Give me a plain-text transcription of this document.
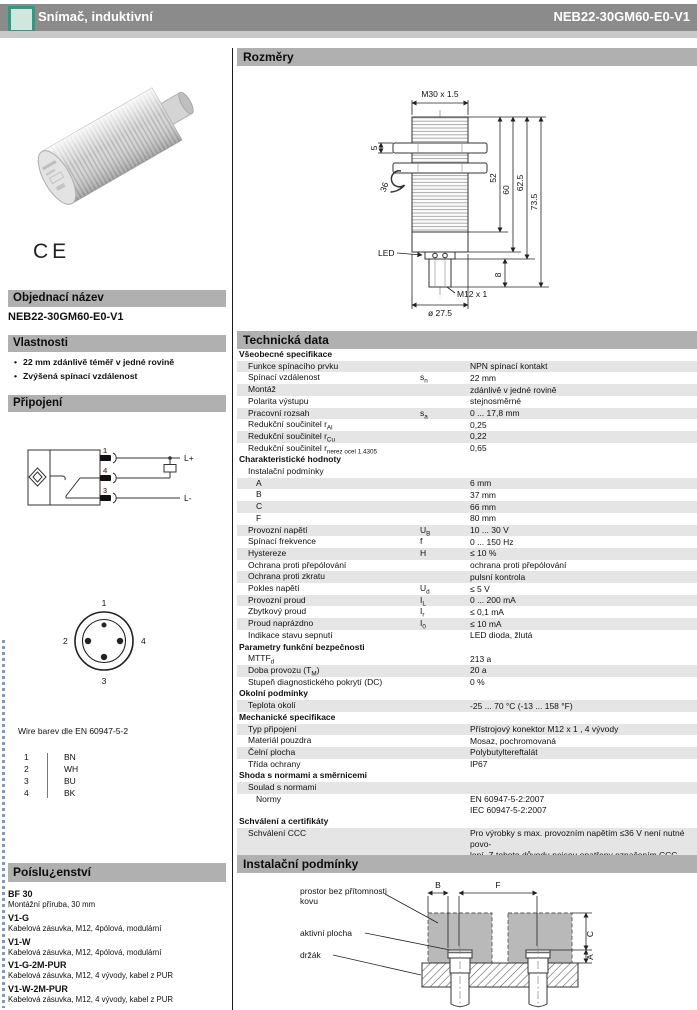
Snímač, induktivní	NEB22-30GM60-E0-V1
CE
Objednací název
NEB22-30GM60-E0-V1
Vlastnosti
• 22 mm zdánlivě téměř v jedné rovině
• Zvýšená spínací vzdálenost
Připojení
1
4
3
L+
L-
1
2	4
3
Wire barev dle EN 60947-5-2
1	BN
2	WH
3	BU
4	BK
Poíslu¿enství
BF 30
Montážní příruba, 30 mm
V1-G
Kabelová zásuvka, M12, 4pólová, modulární
V1-W
Kabelová zásuvka, M12, 4pólová, modulární
V1-G-2M-PUR
Kabelová zásuvka, M12, 4 vývody, kabel z PUR
V1-W-2M-PUR
Kabelová zásuvka, M12, 4 vývody, kabel z PUR
Rozměry
M30 x 1.5
5
36
52
60 62.5
73.5
8
LED
M12 x 1
ø 27.5
Technická data
Všeobecné specifikace
Funkce spínacího prvku	NPN spínací kontakt
Spínací vzdálenost	$s_n$	22 mm
Montáž	zdánlivě v jedné rovině
Polarita výstupu	stejnosměrné
Pracovní rozsah	$s_a$	0 ... 17,8 mm
Redukční součinitel $r_{Al}$	0,25
Redukční součinitel $r_{Cu}$	0,22
Redukční součinitel $r_{nerez ocel 1.4305}$	0,65
Charakteristické hodnoty
Instalační podmínky
A	6 mm
B	37 mm
C	66 mm
F	80 mm
Provozní napětí	$U_B$	10 ... 30 V
Spínací frekvence	f	0 ... 150 Hz
Hystereze	H	≤ 10 %
Ochrana proti přepólování	ochrana proti přepólování
Ochrana proti zkratu	pulsní kontrola
Pokles napětí	$U_d$	≤ 5 V
Provozní proud	$I_L$	0 ... 200 mA
Zbytkový proud	$I_r$	≤ 0,1 mA
Proud naprázdno	$I_0$	≤ 10 mA
Indikace stavu sepnutí	LED dioda, žlutá
Parametry funkční bezpečnosti
$MTTF_d$	213 a
Doba provozu $(T_M)$	20 a
Stupeň diagnostického pokrytí (DC)	0 %
Okolní podmínky
Teplota okolí	-25 ... 70 °C (-13 ... 158 °F)
Mechanické specifikace
Typ připojení	Přístrojový konektor M12 x 1 , 4 vývody
Materiál pouzdra	Mosaz, pochromovaná
Čelní plocha	Polybutyltereftalát
Třída ochrany	IP67
Shoda s normami a směrnicemi
Soulad s normami
Normy	EN 60947-5-2:2007
IEC 60947-5-2:2007
Schválení a certifikáty
Schválení CCC	Pro výrobky s max. provozním napětím ≤36 V není nutné povo-
Instalační podmínky
B	F
C
A
prostor bez přítomnosti
kovu
aktivní plocha
držák
